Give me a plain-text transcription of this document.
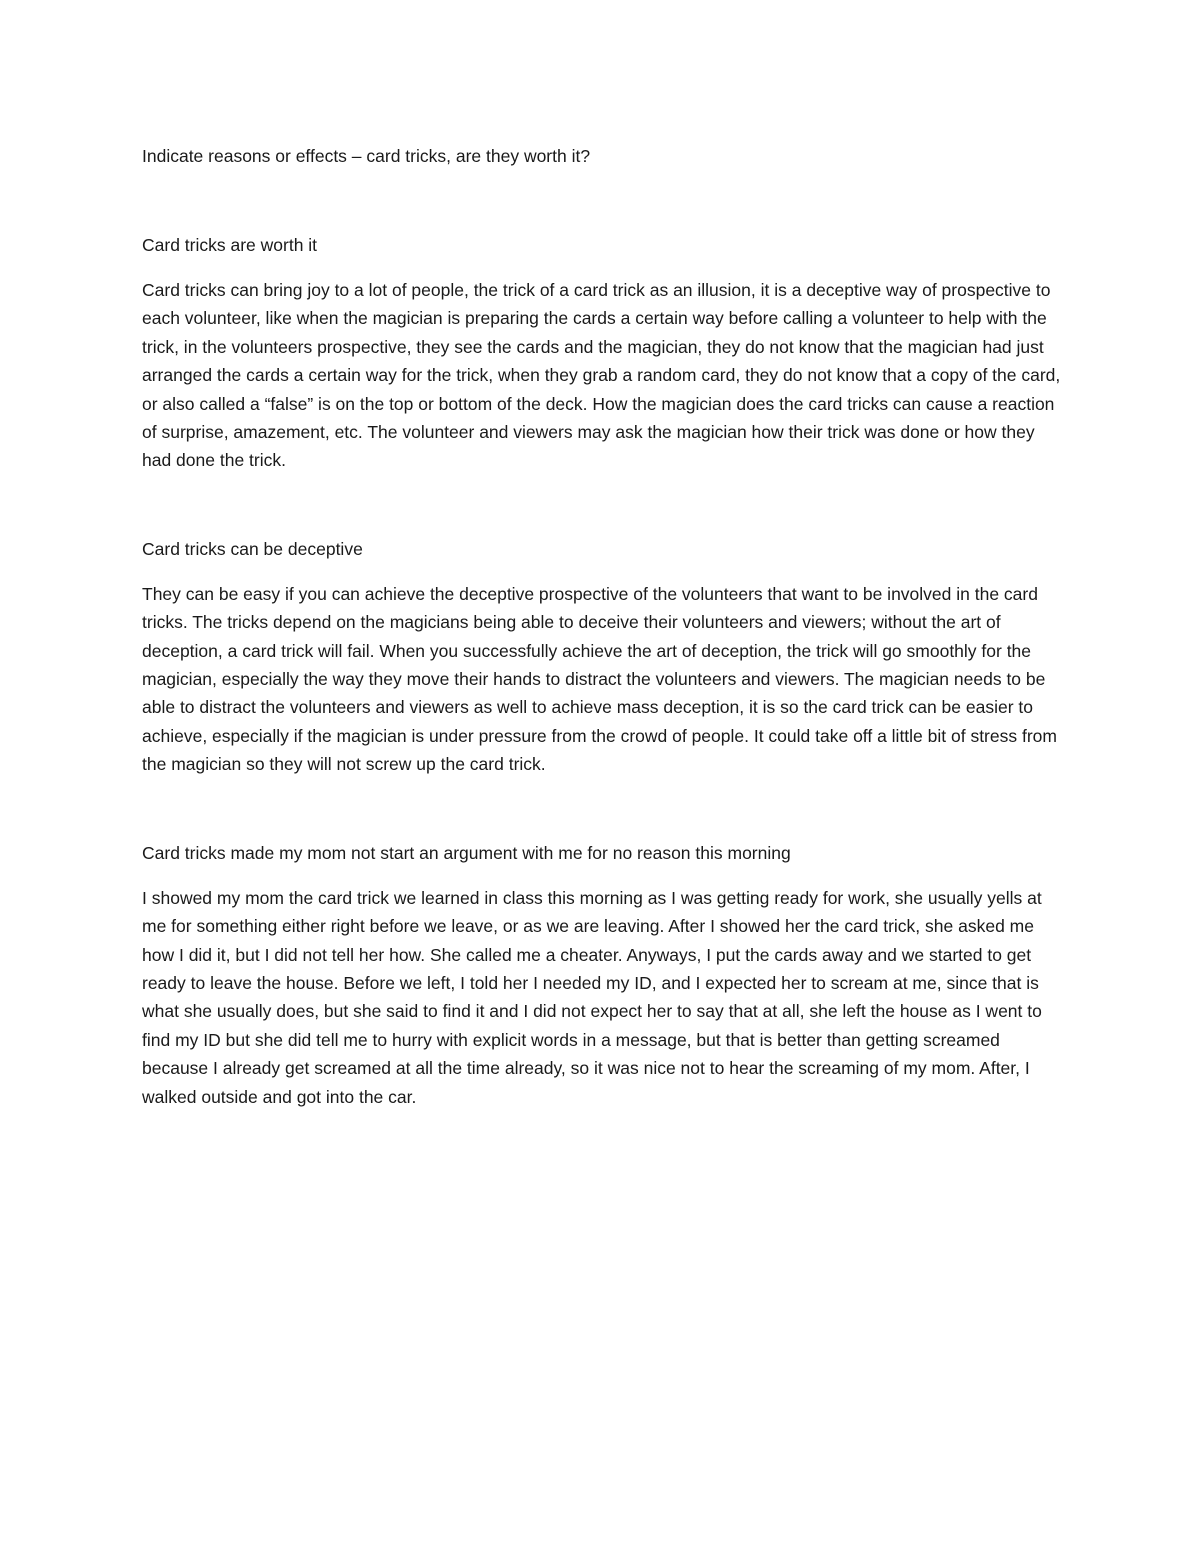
Indicate reasons or effects – card tricks, are they worth it?
Card tricks are worth it

Card tricks can bring joy to a lot of people, the trick of a card trick as an illusion, it is a deceptive way of prospective to each volunteer, like when the magician is preparing the cards a certain way before calling a volunteer to help with the trick, in the volunteers prospective, they see the cards and the magician, they do not know that the magician had just arranged the cards a certain way for the trick, when they grab a random card, they do not know that a copy of the card, or also called a “false” is on the top or bottom of the deck. How the magician does the card tricks can cause a reaction of surprise, amazement, etc. The volunteer and viewers may ask the magician how their trick was done or how they had done the trick.

Card tricks can be deceptive

They can be easy if you can achieve the deceptive prospective of the volunteers that want to be involved in the card tricks. The tricks depend on the magicians being able to deceive their volunteers and viewers; without the art of deception, a card trick will fail. When you successfully achieve the art of deception, the trick will go smoothly for the magician, especially the way they move their hands to distract the volunteers and viewers. The magician needs to be able to distract the volunteers and viewers as well to achieve mass deception, it is so the card trick can be easier to achieve, especially if the magician is under pressure from the crowd of people. It could take off a little bit of stress from the magician so they will not screw up the card trick.

Card tricks made my mom not start an argument with me for no reason this morning

I showed my mom the card trick we learned in class this morning as I was getting ready for work, she usually yells at me for something either right before we leave, or as we are leaving. After I showed her the card trick, she asked me how I did it, but I did not tell her how. She called me a cheater. Anyways, I put the cards away and we started to get ready to leave the house. Before we left, I told her I needed my ID, and I expected her to scream at me, since that is what she usually does, but she said to find it and I did not expect her to say that at all, she left the house as I went to find my ID but she did tell me to hurry with explicit words in a message, but that is better than getting screamed because I already get screamed at all the time already, so it was nice not to hear the screaming of my mom. After, I walked outside and got into the car.
